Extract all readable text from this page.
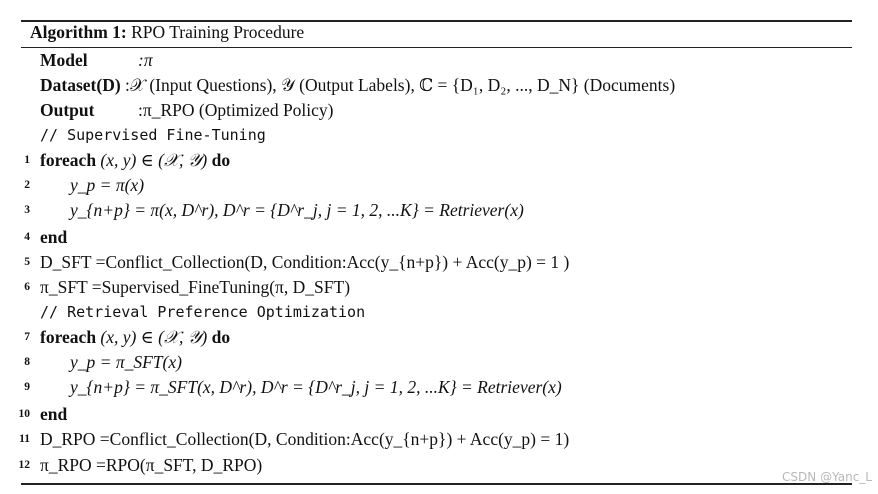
Algorithm 1: RPO Training Procedure
Model	:π
Dataset(D) :𝒳 (Input Questions), 𝒴 (Output Labels), ℂ = {D₁, D₂, ..., D_N} (Documents)
Output :π_RPO (Optimized Policy)
// Supervised Fine-Tuning
1 foreach (x, y) ∈ (𝒳, 𝒴) do
2 y_p = π(x)
3 y_{n+p} = π(x, D^r), D^r = {D^r_j, j = 1, 2, ...K} = Retriever(x)
4 end
5 D_SFT =Conflict_Collection(D, Condition:Acc(y_{n+p}) + Acc(y_p) = 1 )
6 π_SFT =Supervised_FineTuning(π, D_SFT)
// Retrieval Preference Optimization
7 foreach (x, y) ∈ (𝒳, 𝒴) do
8 y_p = π_SFT(x)
9 y_{n+p} = π_SFT(x, D^r), D^r = {D^r_j, j = 1, 2, ...K} = Retriever(x)
10 end
11 D_RPO =Conflict_Collection(D, Condition:Acc(y_{n+p}) + Acc(y_p) = 1)
12 π_RPO =RPO(π_SFT, D_RPO)
CSDN @Yanc_L
